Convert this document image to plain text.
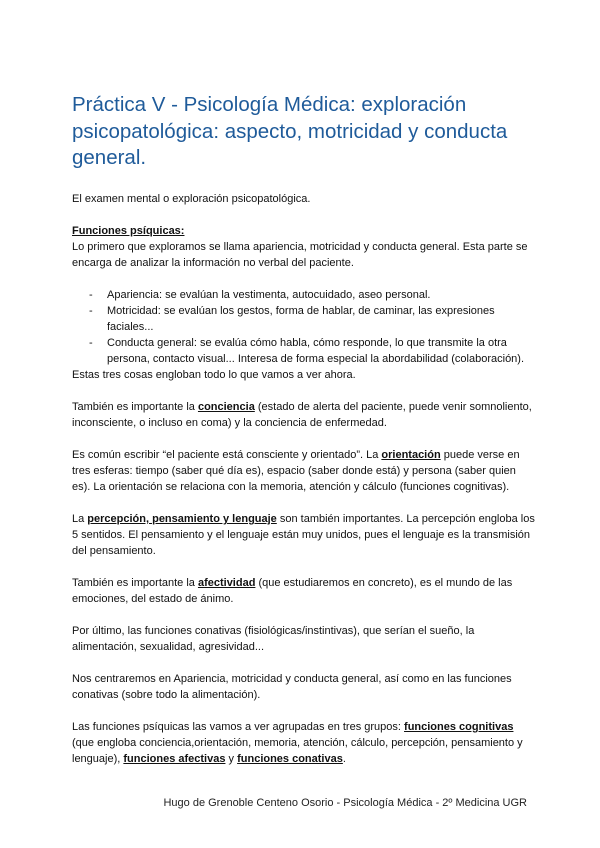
Práctica V - Psicología Médica: exploración psicopatológica: aspecto, motricidad y conducta general.

El examen mental o exploración psicopatológica.

Funciones psíquicas:

Lo primero que exploramos se llama apariencia, motricidad y conducta general. Esta parte se encarga de analizar la información no verbal del paciente.

- Apariencia: se evalúan la vestimenta, autocuidado, aseo personal.
- Motricidad: se evalúan los gestos, forma de hablar, de caminar, las expresiones faciales...
- Conducta general: se evalúa cómo habla, cómo responde, lo que transmite la otra persona, contacto visual... Interesa de forma especial la abordabilidad (colaboración).

Estas tres cosas engloban todo lo que vamos a ver ahora.

También es importante la conciencia (estado de alerta del paciente, puede venir somnoliento, inconsciente, o incluso en coma) y la conciencia de enfermedad.

Es común escribir “el paciente está consciente y orientado”. La orientación puede verse en tres esferas: tiempo (saber qué día es), espacio (saber donde está) y persona (saber quien es). La orientación se relaciona con la memoria, atención y cálculo (funciones cognitivas).

La percepción, pensamiento y lenguaje son también importantes. La percepción engloba los 5 sentidos. El pensamiento y el lenguaje están muy unidos, pues el lenguaje es la transmisión del pensamiento.

También es importante la afectividad (que estudiaremos en concreto), es el mundo de las emociones, del estado de ánimo.

Por último, las funciones conativas (fisiológicas/instintivas), que serían el sueño, la alimentación, sexualidad, agresividad...

Nos centraremos en Apariencia, motricidad y conducta general, así como en las funciones conativas (sobre todo la alimentación).

Las funciones psíquicas las vamos a ver agrupadas en tres grupos: funciones cognitivas (que engloba conciencia,orientación, memoria, atención, cálculo, percepción, pensamiento y lenguaje), funciones afectivas y funciones conativas.

Hugo de Grenoble Centeno Osorio - Psicología Médica - 2º Medicina UGR
